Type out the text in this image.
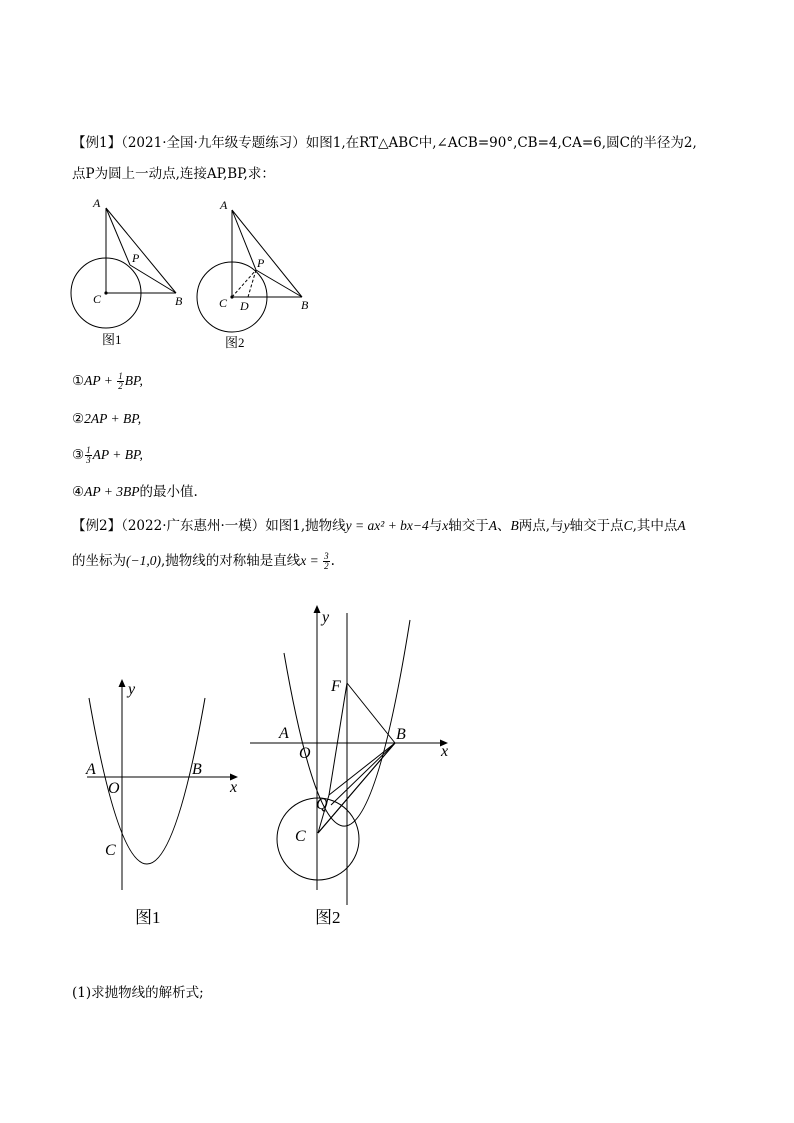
【例1】（2021·全国·九年级专题练习）如图1,在RT△ABC中,∠ACB=90°,CB=4,CA=6,圆C的半径为2,
点P为圆上一动点,连接AP,BP,求：
A
P
C	B
图1
A
P
C D	B
图2
①AP + $\frac{1}{2}$ BP,
②2AP + BP,
③ $\frac{1}{3}$ AP + BP,
④AP + 3BP的最小值.
【例2】（2022·广东惠州·一模）如图1,抛物线y = ax² + bx−4与x轴交于A、B两点,与y轴交于点C,其中点A
的坐标为(−1,0),抛物线的对称轴是直线$x = \frac{3}{2}$ .
y
A	B
x
O
C
图1
y
F
A	B
x
O
Q
C
图2
(1)求抛物线的解析式;
